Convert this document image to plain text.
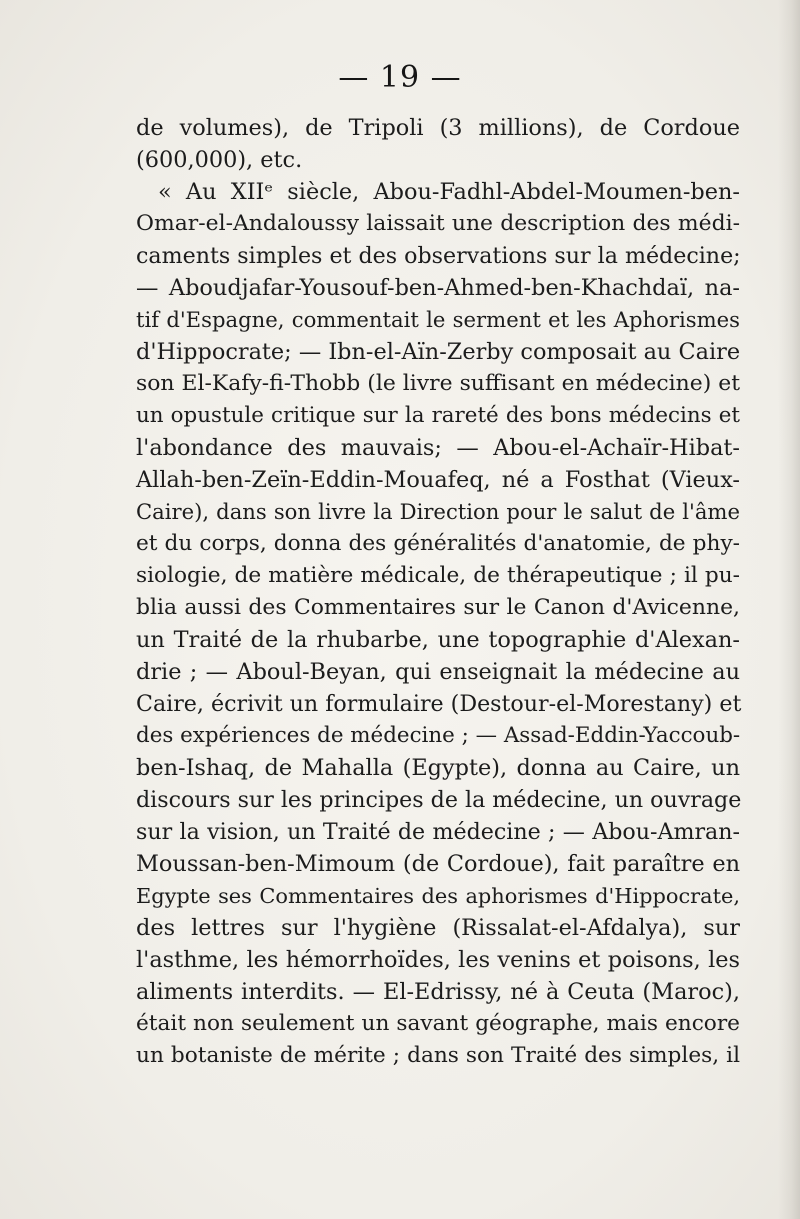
— 19 —
de volumes), de Tripoli (3 millions), de Cordoue
(600,000), etc.
« Au XIIᵉ siècle, Abou-Fadhl-Abdel-Moumen-ben-
Omar-el-Andaloussy laissait une description des médi-
caments simples et des observations sur la médecine;
— Aboudjafar-Yousouf-ben-Ahmed-ben-Khachdaï, na-
tif d'Espagne, commentait le serment et les Aphorismes
d'Hippocrate; — Ibn-el-Aïn-Zerby composait au Caire
son El-Kafy-fi-Thobb (le livre suffisant en médecine) et
un opustule critique sur la rareté des bons médecins et
l'abondance des mauvais; — Abou-el-Achaïr-Hibat-
Allah-ben-Zeïn-Eddin-Mouafeq, né a Fosthat (Vieux-
Caire), dans son livre la Direction pour le salut de l'âme
et du corps, donna des généralités d'anatomie, de phy-
siologie, de matière médicale, de thérapeutique ; il pu-
blia aussi des Commentaires sur le Canon d'Avicenne,
un Traité de la rhubarbe, une topographie d'Alexan-
drie ; — Aboul-Beyan, qui enseignait la médecine au
Caire, écrivit un formulaire (Destour-el-Morestany) et
des expériences de médecine ; — Assad-Eddin-Yaccoub-
ben-Ishaq, de Mahalla (Egypte), donna au Caire, un
discours sur les principes de la médecine, un ouvrage
sur la vision, un Traité de médecine ; — Abou-Amran-
Moussan-ben-Mimoum (de Cordoue), fait paraître en
Egypte ses Commentaires des aphorismes d'Hippocrate,
des lettres sur l'hygiène (Rissalat-el-Afdalya), sur
l'asthme, les hémorrhoïdes, les venins et poisons, les
aliments interdits. — El-Edrissy, né à Ceuta (Maroc),
était non seulement un savant géographe, mais encore
un botaniste de mérite ; dans son Traité des simples, il
